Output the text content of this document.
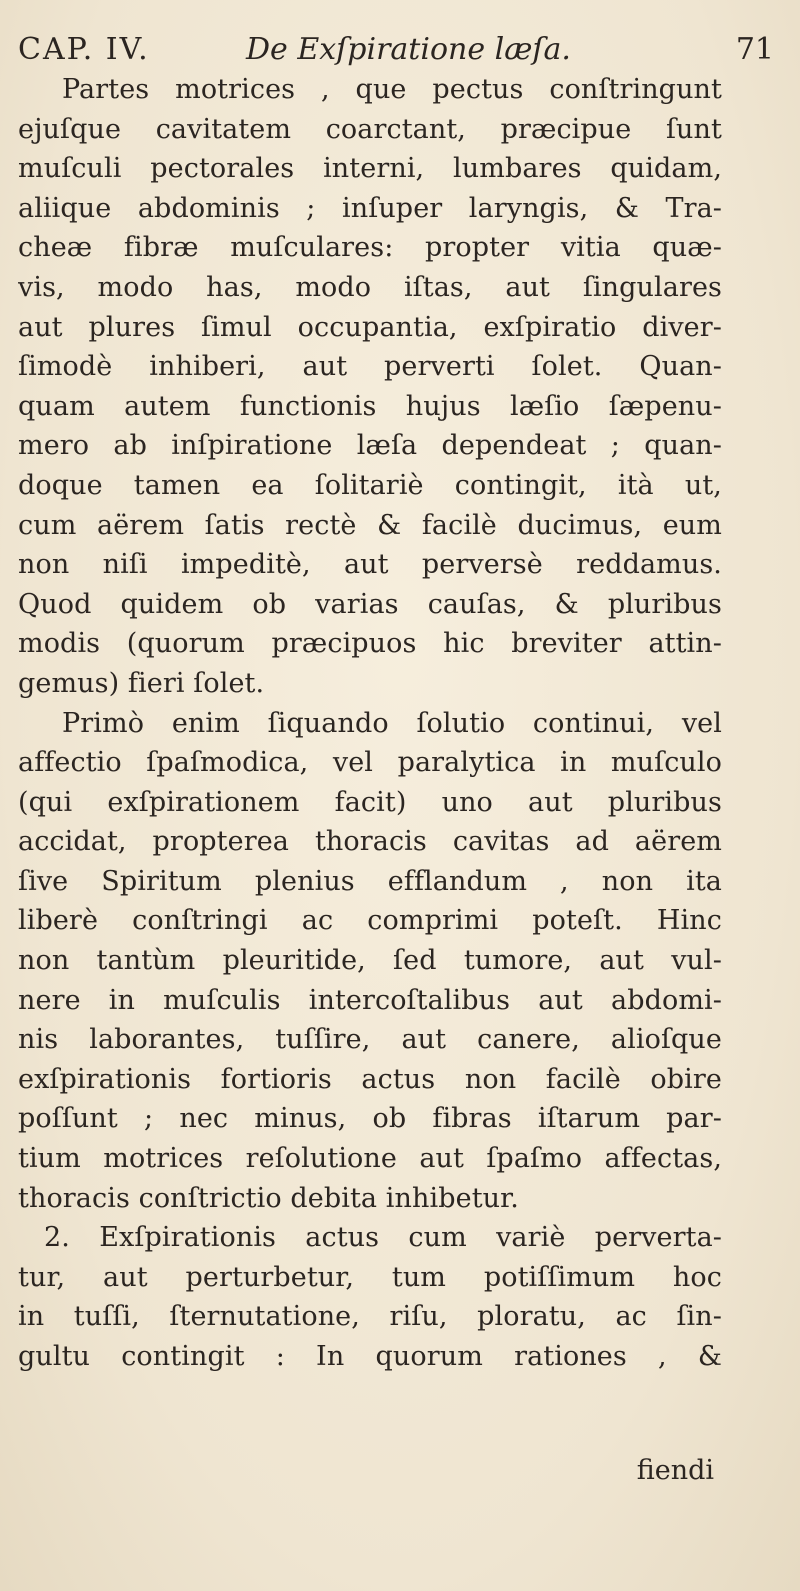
CAP. IV.	De Exſpiratione læſa.	71
Partes motrices , que pectus conſtringunt
ejuſque cavitatem coarctant, præcipue ſunt
muſculi pectorales interni, lumbares quidam,
aliique abdominis ; inſuper laryngis, & Tra-
cheæ fibræ muſculares: propter vitia quæ-
vis, modo has, modo iſtas, aut ſingulares
aut plures ſimul occupantia, exſpiratio diver-
ſimodè inhiberi, aut perverti ſolet. Quan-
quam autem functionis hujus læſio ſæpenu-
mero ab inſpiratione læſa dependeat ; quan-
doque tamen ea ſolitariè contingit, ità ut,
cum aërem ſatis rectè & facilè ducimus, eum
non niſi impeditè, aut perversè reddamus.
Quod quidem ob varias cauſas, & pluribus
modis (quorum præcipuos hic breviter attin-
gemus) fieri ſolet.
Primò enim ſiquando ſolutio continui, vel
affectio ſpaſmodica, vel paralytica in muſculo
(qui exſpirationem facit) uno aut pluribus
accidat, propterea thoracis cavitas ad aërem
ſive Spiritum plenius efflandum , non ita
liberè conſtringi ac comprimi poteſt. Hinc
non tantùm pleuritide, ſed tumore, aut vul-
nere in muſculis intercoſtalibus aut abdomi-
nis laborantes, tuſſire, aut canere, alioſque
exſpirationis fortioris actus non facilè obire
poſſunt ; nec minus, ob fibras iſtarum par-
tium motrices reſolutione aut ſpaſmo affectas,
thoracis conſtrictio debita inhibetur.
2. Exſpirationis actus cum variè perverta-
tur, aut perturbetur, tum potiſſimum hoc
in tuſſi, ſternutatione, riſu, ploratu, ac ſin-
gultu contingit : In quorum rationes , &
fiendi
